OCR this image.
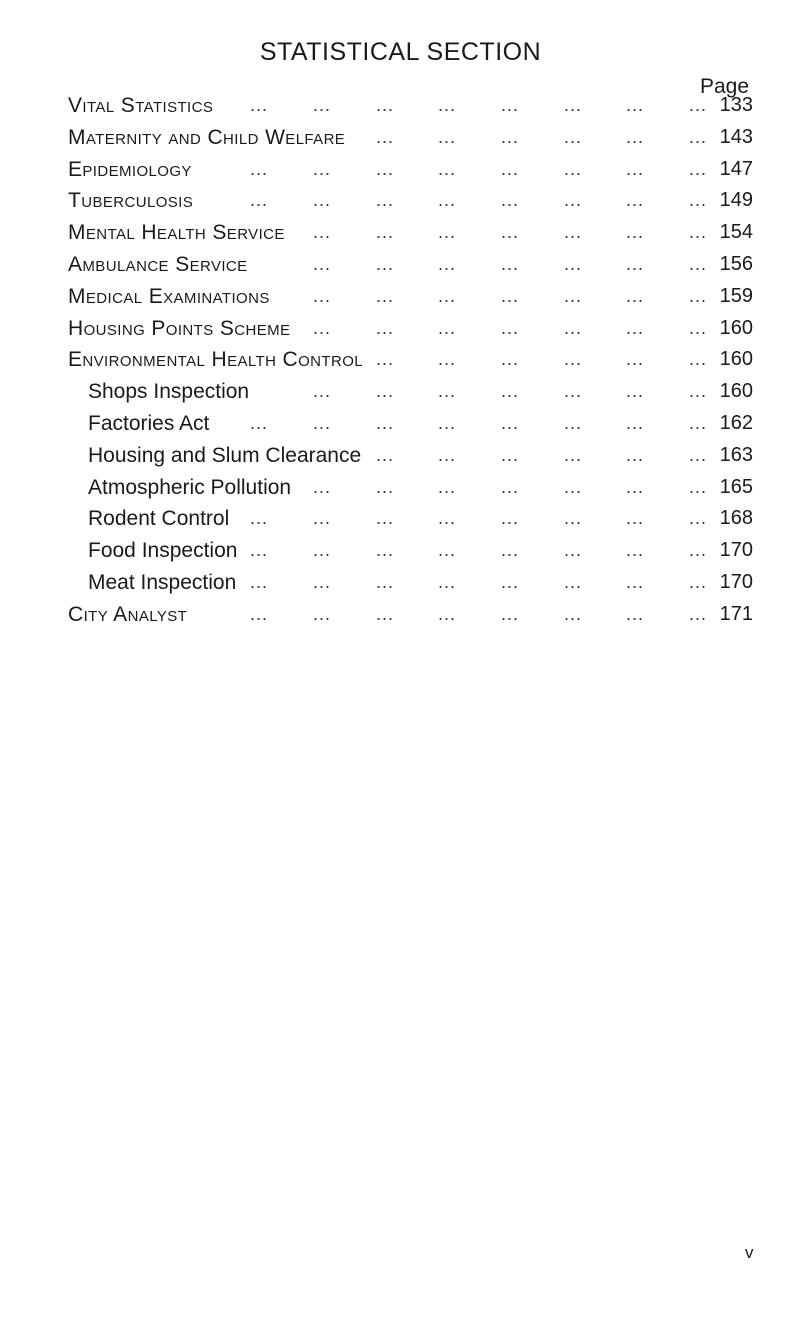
STATISTICAL SECTION

Page

Vital Statistics ... ... ... ... ... ... ... ... 133
Maternity and Child Welfare ... ... ... ... ... ... 143
Epidemiology	... ... ... ... ... ... ... ... 147
Tuberculosis	... ... ... ... ... ... ... ... 149
Mental Health Service ... ... ... ... ... ... ... 154
Ambulance Service	... ... ... ... ... ... ... 156
Medical Examinations ... ... ... ... ... ... ... 159
Housing Points Scheme ... ... ... ... ... ... ... 160
Environmental Health Control ... ... ... ... ... ... 160
Shops Inspection	... ... ... ... ... ... ... 160
Factories Act ... ... ... ... ... ... ... ... 162
Housing and Slum Clearance ... ... ... ... ... ... 163
Atmospheric Pollution ... ... ... ... ... ... ... 165
Rodent Control ... ... ... ... ... ... ... ... 168
Food Inspection ... ... ... ... ... ... ... ... 170
Meat Inspection ... ... ... ... ... ... ... ... 170
City Analyst	... ... ... ... ... ... ... ... 171

v
